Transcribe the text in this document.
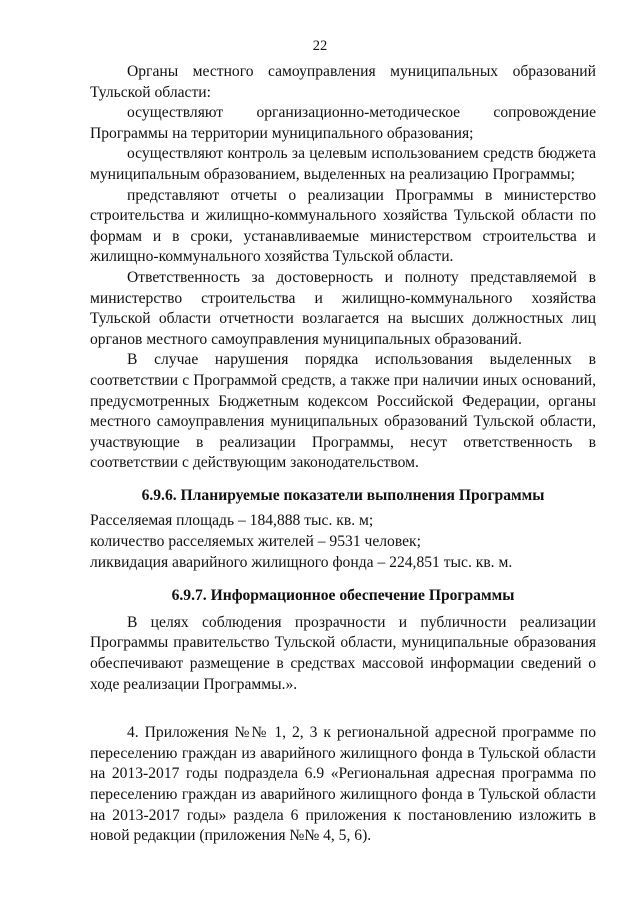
22

Органы местного самоуправления муниципальных образований Тульской области:

осуществляют организационно-методическое сопровождение Программы на территории муниципального образования;

осуществляют контроль за целевым использованием средств бюджета муниципальным образованием, выделенных на реализацию Программы;

представляют отчеты о реализации Программы в министерство строительства и жилищно-коммунального хозяйства Тульской области по формам и в сроки, устанавливаемые министерством строительства и жилищно-коммунального хозяйства Тульской области.

Ответственность за достоверность и полноту представляемой в министерство строительства и жилищно-коммунального хозяйства Тульской области отчетности возлагается на высших должностных лиц органов местного самоуправления муниципальных образований.

В случае нарушения порядка использования выделенных в соответствии с Программой средств, а также при наличии иных оснований, предусмотренных Бюджетным кодексом Российской Федерации, органы местного самоуправления муниципальных образований Тульской области, участвующие в реализации Программы, несут ответственность в соответствии с действующим законодательством.

6.9.6. Планируемые показатели выполнения Программы

Расселяемая площадь – 184,888 тыс. кв. м;

количество расселяемых жителей – 9531 человек;

ликвидация аварийного жилищного фонда – 224,851 тыс. кв. м.

6.9.7. Информационное обеспечение Программы

В целях соблюдения прозрачности и публичности реализации Программы правительство Тульской области, муниципальные образования обеспечивают размещение в средствах массовой информации сведений о ходе реализации Программы.».

4. Приложения №№ 1, 2, 3 к региональной адресной программе по переселению граждан из аварийного жилищного фонда в Тульской области на 2013-2017 годы подраздела 6.9 «Региональная адресная программа по переселению граждан из аварийного жилищного фонда в Тульской области на 2013-2017 годы» раздела 6 приложения к постановлению изложить в новой редакции (приложения №№ 4, 5, 6).
